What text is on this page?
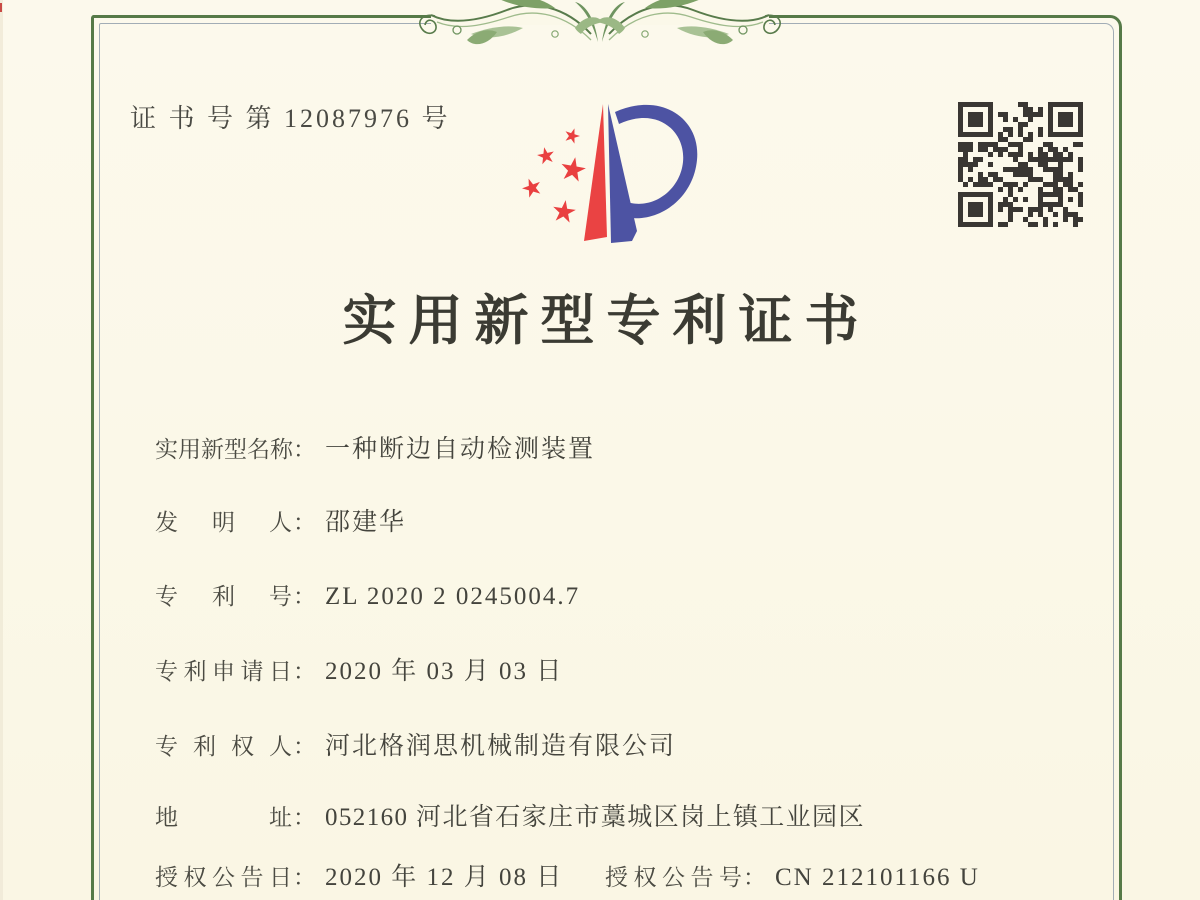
证 书 号 第 12087976 号
实用新型专利证书
实用新型名称 ： 一种断边自动检测装置
发明人 ： 邵建华
专利号 ： ZL 2020 2 0245004.7
专利申请日 ： 2020 年 03 月 03 日
专利权人 ： 河北格润思机械制造有限公司
地址 ： 052160 河北省石家庄市藁城区岗上镇工业园区
授权公告日 ： 2020 年 12 月 08 日 授权公告号 ： CN 212101166 U
